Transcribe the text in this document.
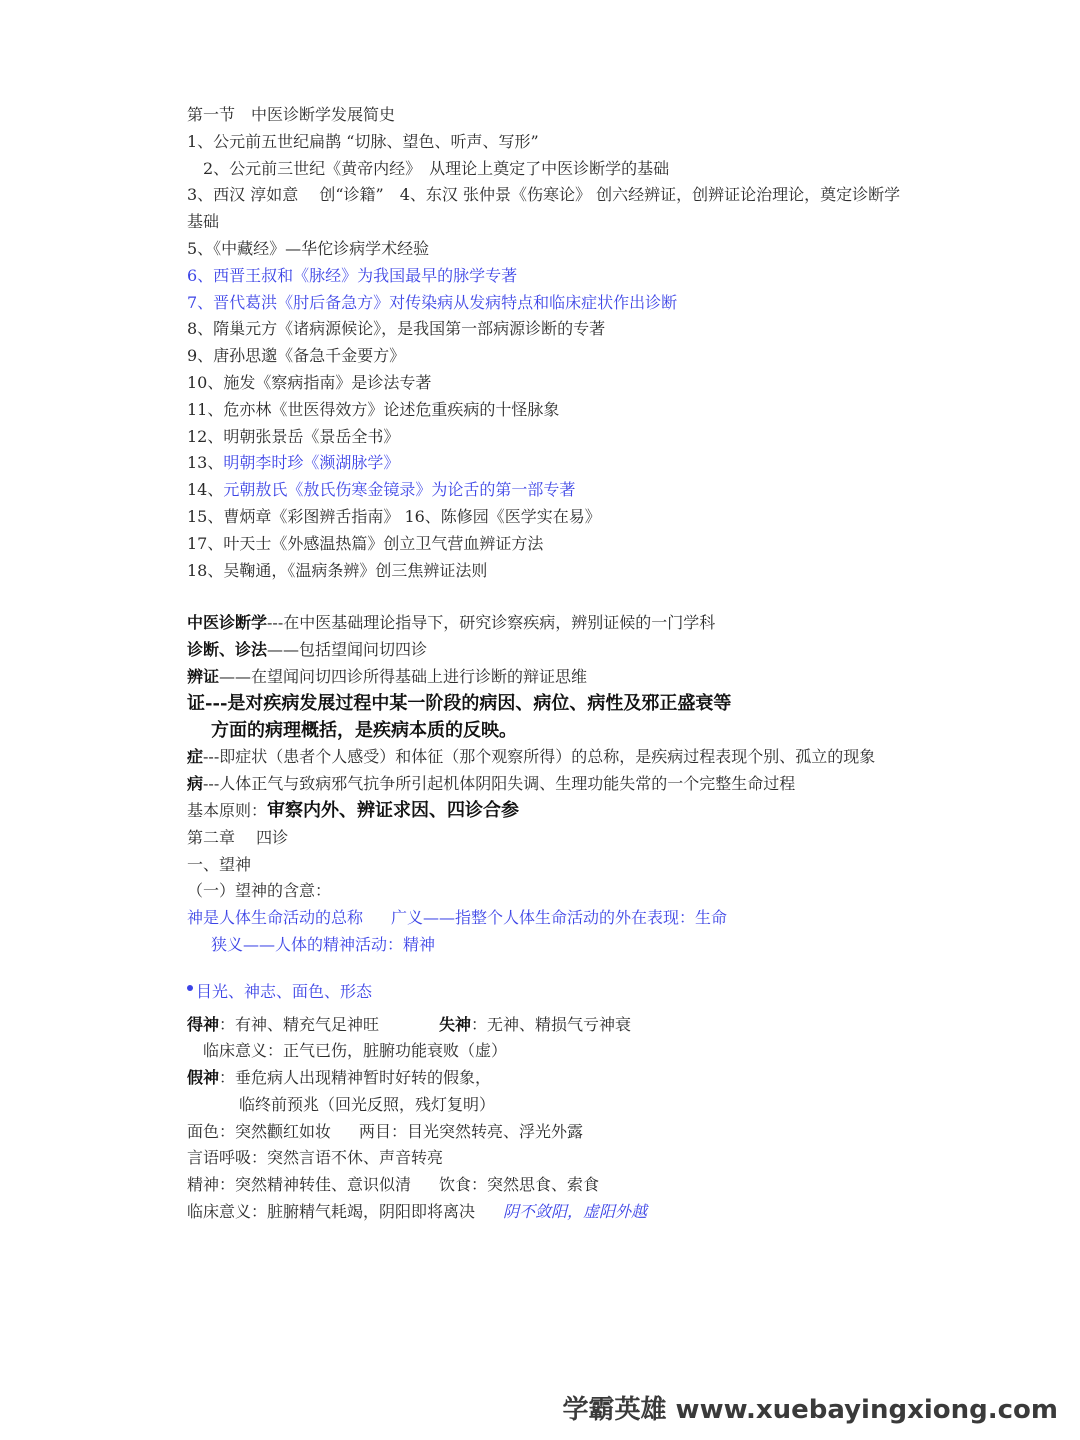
第一节　中医诊断学发展简史
1、公元前五世纪扁鹊 “切脉、望色、听声、写形”
2、公元前三世纪《黄帝内经》　从理论上奠定了中医诊断学的基础
3、西汉 淳如意　 创“诊籍”　4、东汉 张仲景《伤寒论》 创六经辨证，创辨证论治理论，奠定诊断学基础
5、《中藏经》—华佗诊病学术经验
6、西晋王叔和《脉经》为我国最早的脉学专著
7、晋代葛洪《肘后备急方》对传染病从发病特点和临床症状作出诊断
8、隋巢元方《诸病源候论》，是我国第一部病源诊断的专著
9、唐孙思邈《备急千金要方》
10、施发《察病指南》是诊法专著
11、危亦林《世医得效方》论述危重疾病的十怪脉象
12、明朝张景岳《景岳全书》
13、明朝李时珍《濒湖脉学》
14、元朝敖氏《敖氏伤寒金镜录》为论舌的第一部专著
15、曹炳章《彩图辨舌指南》 16、陈修园《医学实在易》
17、叶天士《外感温热篇》创立卫气营血辨证方法
18、吴鞠通，《温病条辨》创三焦辨证法则
中医诊断学---在中医基础理论指导下，研究诊察疾病，辨别证候的一门学科
诊断、诊法——包括望闻问切四诊
辨证——在望闻问切四诊所得基础上进行诊断的辩证思维
证---是对疾病发展过程中某一阶段的病因、病位、病性及邪正盛衰等
方面的病理概括，是疾病本质的反映。
症---即症状（患者个人感受）和体征（那个观察所得）的总称，是疾病过程表现个别、孤立的现象
病---人体正气与致病邪气抗争所引起机体阴阳失调、生理功能失常的一个完整生命过程
基本原则：审察内外、辨证求因、四诊合参
第二章　 四诊
一、望神
（一）望神的含意：
神是人体生命活动的总称 广义——指整个人体生命活动的外在表现：生命
狭义——人体的精神活动：精神
目光、神志、面色、形态
得神：有神、精充气足神旺	失神：无神、精损气亏神衰
临床意义：正气已伤，脏腑功能衰败（虚）
假神：垂危病人出现精神暂时好转的假象，
临终前预兆（回光反照，残灯复明）
面色：突然颧红如妆 两目：目光突然转亮、浮光外露
言语呼吸：突然言语不休、声音转亮
精神：突然精神转佳、意识似清 饮食：突然思食、索食
临床意义：脏腑精气耗竭，阴阳即将离决 阴不敛阳，虚阳外越
学霸英雄 www.xuebayingxiong.com
